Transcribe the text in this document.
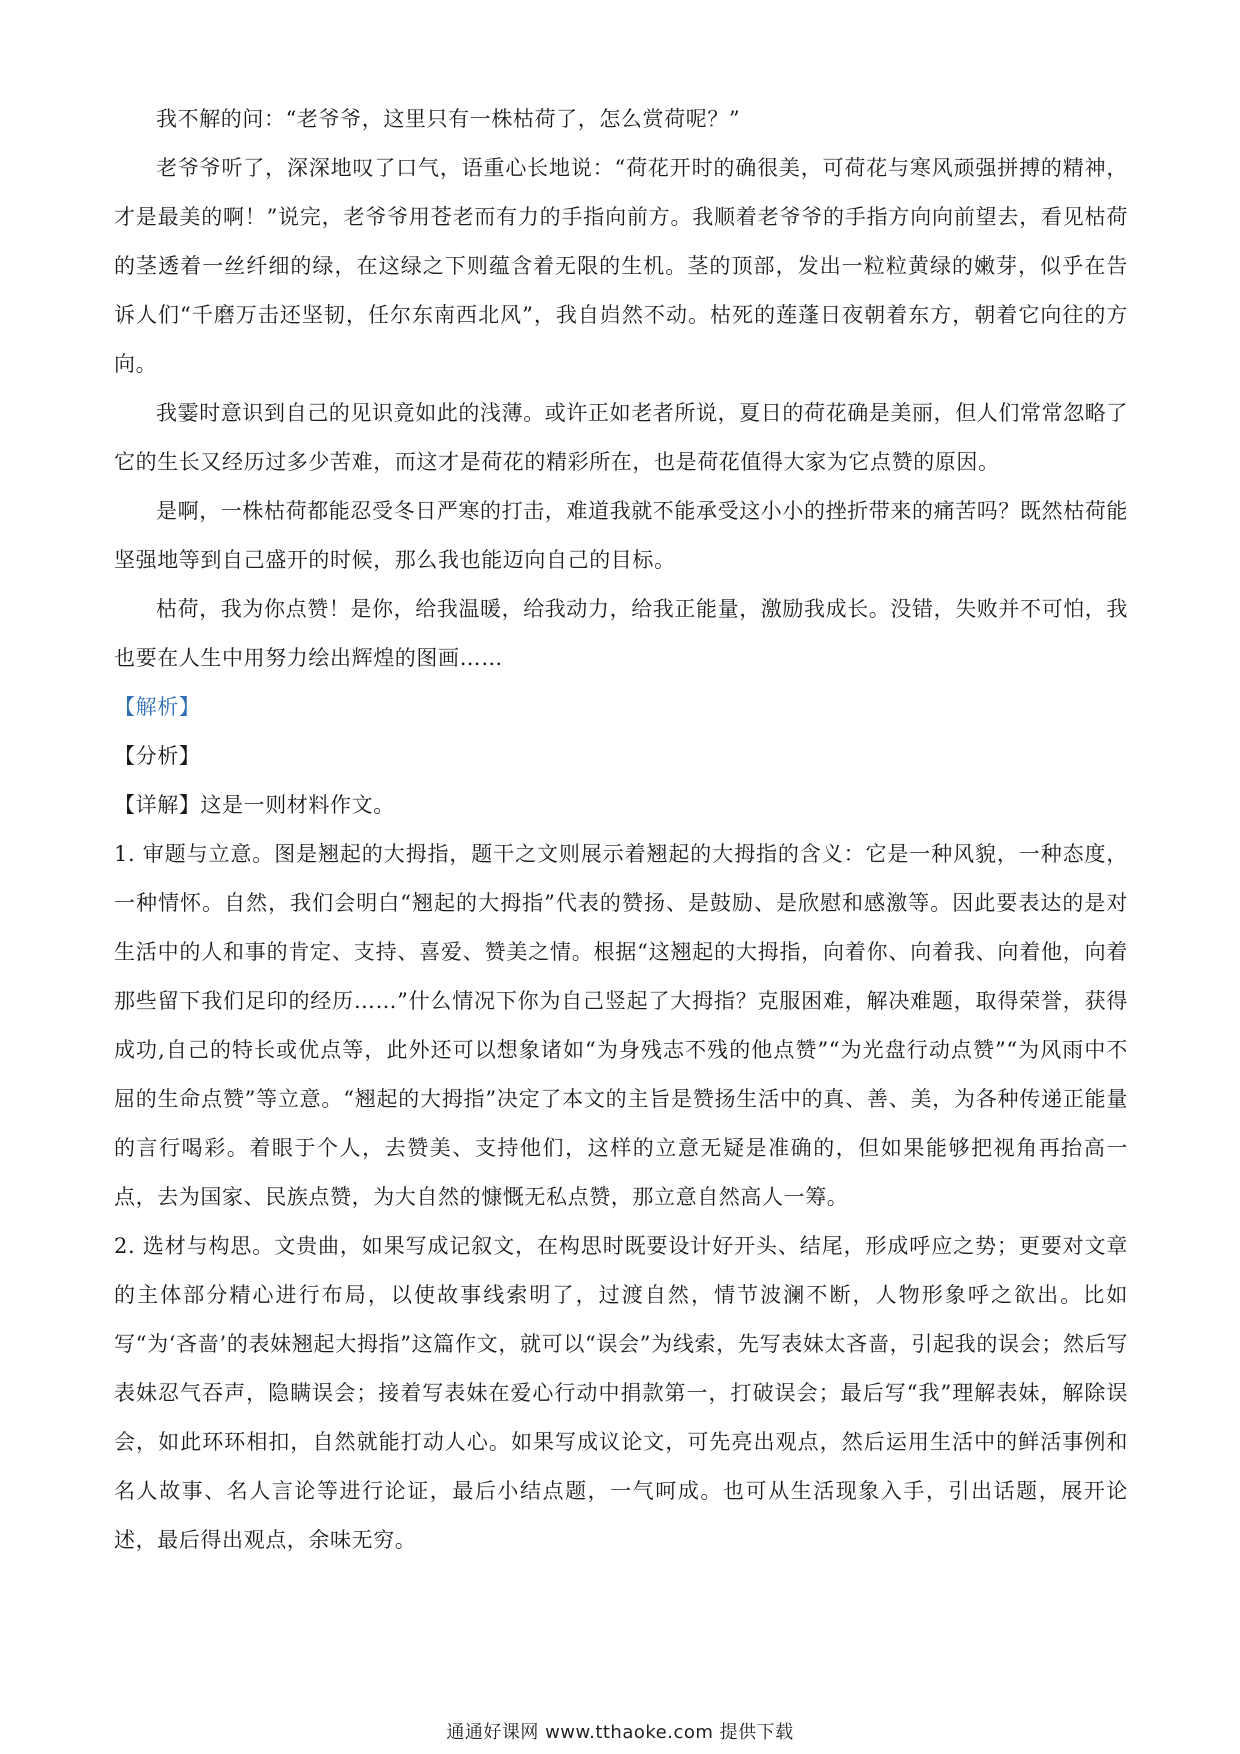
我不解的问：“老爷爷，这里只有一株枯荷了，怎么赏荷呢？”

老爷爷听了，深深地叹了口气，语重心长地说：“荷花开时的确很美，可荷花与寒风顽强拼搏的精神，才是最美的啊！”说完，老爷爷用苍老而有力的手指向前方。我顺着老爷爷的手指方向向前望去，看见枯荷的茎透着一丝纤细的绿，在这绿之下则蕴含着无限的生机。茎的顶部，发出一粒粒黄绿的嫩芽，似乎在告诉人们“千磨万击还坚韧，任尔东南西北风”，我自岿然不动。枯死的莲蓬日夜朝着东方，朝着它向往的方向。

我霎时意识到自己的见识竟如此的浅薄。或许正如老者所说，夏日的荷花确是美丽，但人们常常忽略了它的生长又经历过多少苦难，而这才是荷花的精彩所在，也是荷花值得大家为它点赞的原因。

是啊，一株枯荷都能忍受冬日严寒的打击，难道我就不能承受这小小的挫折带来的痛苦吗？既然枯荷能坚强地等到自己盛开的时候，那么我也能迈向自己的目标。

枯荷，我为你点赞！是你，给我温暖，给我动力，给我正能量，激励我成长。没错，失败并不可怕，我也要在人生中用努力绘出辉煌的图画……

【解析】

【分析】

【详解】这是一则材料作文。

1. 审题与立意。图是翘起的大拇指，题干之文则展示着翘起的大拇指的含义：它是一种风貌，一种态度，一种情怀。自然，我们会明白“翘起的大拇指”代表的赞扬、是鼓励、是欣慰和感激等。因此要表达的是对生活中的人和事的肯定、支持、喜爱、赞美之情。根据“这翘起的大拇指，向着你、向着我、向着他，向着那些留下我们足印的经历……”什么情况下你为自己竖起了大拇指？克服困难，解决难题，取得荣誉，获得成功,自己的特长或优点等，此外还可以想象诸如“为身残志不残的他点赞”“为光盘行动点赞”“为风雨中不屈的生命点赞”等立意。“翘起的大拇指”决定了本文的主旨是赞扬生活中的真、善、美，为各种传递正能量的言行喝彩。着眼于个人，去赞美、支持他们，这样的立意无疑是准确的，但如果能够把视角再抬高一点，去为国家、民族点赞，为大自然的慷慨无私点赞，那立意自然高人一筹。

2. 选材与构思。文贵曲，如果写成记叙文，在构思时既要设计好开头、结尾，形成呼应之势；更要对文章的主体部分精心进行布局，以使故事线索明了，过渡自然，情节波澜不断，人物形象呼之欲出。比如写“为‘吝啬’的表妹翘起大拇指”这篇作文，就可以“误会”为线索，先写表妹太吝啬，引起我的误会；然后写表妹忍气吞声，隐瞒误会；接着写表妹在爱心行动中捐款第一，打破误会；最后写“我”理解表妹，解除误会，如此环环相扣，自然就能打动人心。如果写成议论文，可先亮出观点，然后运用生活中的鲜活事例和名人故事、名人言论等进行论证，最后小结点题，一气呵成。也可从生活现象入手，引出话题，展开论述，最后得出观点，余味无穷。

通通好课网 www.tthaoke.com 提供下载
